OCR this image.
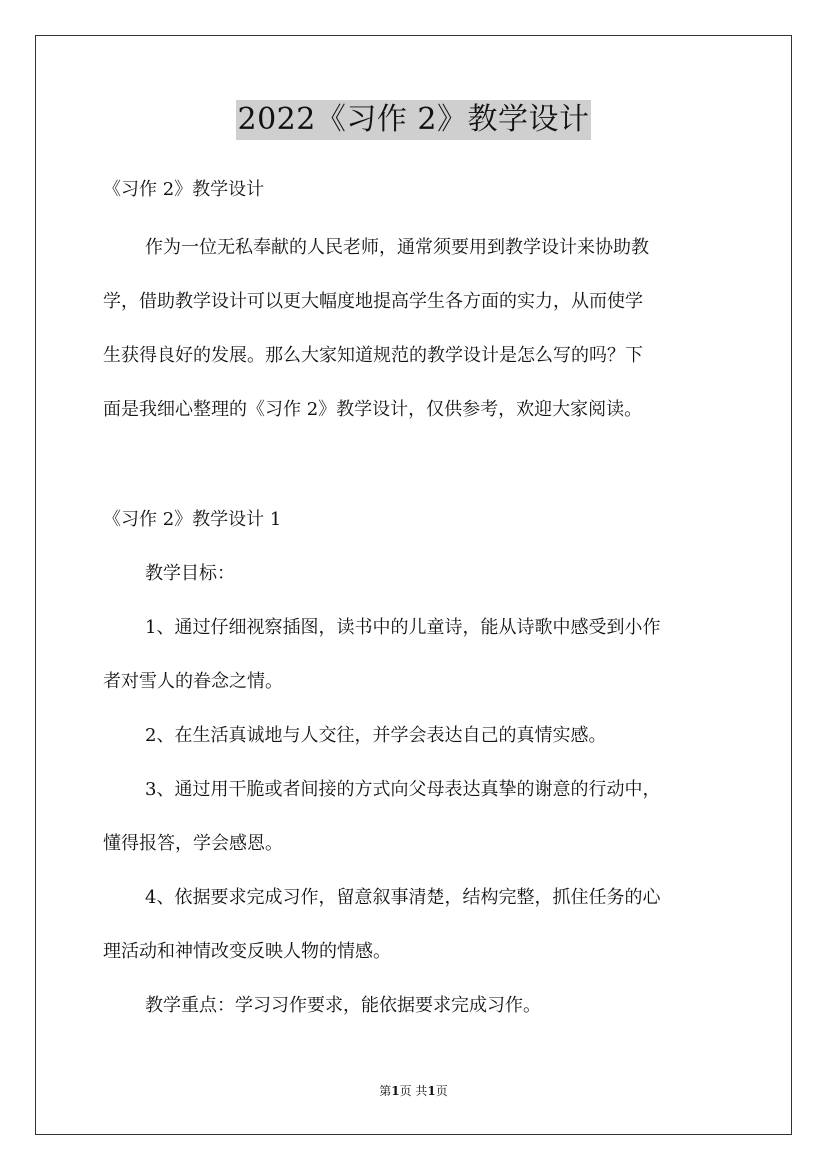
2022《习作 2》教学设计
《习作 2》教学设计
作为一位无私奉献的人民老师，通常须要用到教学设计来协助教
学，借助教学设计可以更大幅度地提高学生各方面的实力，从而使学
生获得良好的发展。那么大家知道规范的教学设计是怎么写的吗？下
面是我细心整理的《习作 2》教学设计，仅供参考，欢迎大家阅读。
《习作 2》教学设计 1
教学目标：
1、通过仔细视察插图，读书中的儿童诗，能从诗歌中感受到小作
者对雪人的眷念之情。
2、在生活真诚地与人交往，并学会表达自己的真情实感。
3、通过用干脆或者间接的方式向父母表达真挚的谢意的行动中，
懂得报答，学会感恩。
4、依据要求完成习作，留意叙事清楚，结构完整，抓住任务的心
理活动和神情改变反映人物的情感。
教学重点：学习习作要求，能依据要求完成习作。
第1页 共1页
